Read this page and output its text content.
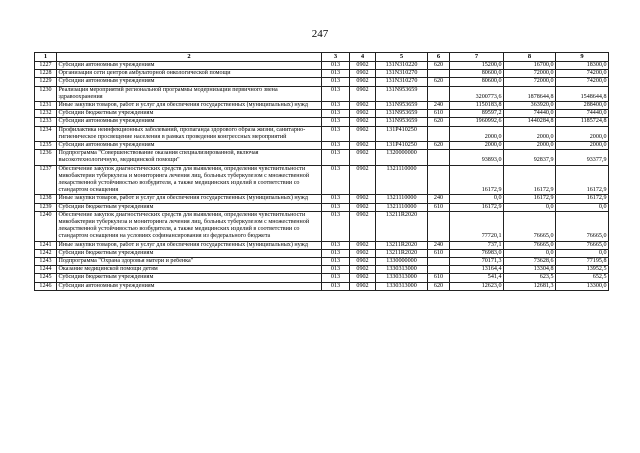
247
1	2	3	4	5	6	7	8	9
1227	Субсидии автономным учреждениям	013	0902	131N310220	620	15200,0	16700,0	18300,0
1228	Организация сети центров амбулаторной онкологической помощи	013	0902	131N310270		80600,0	72000,0	74200,0
1229	Субсидии автономным учреждениям	013	0902	131N310270	620	80600,0	72000,0	74200,0
1230	Реализация мероприятий региональной программы модернизации первичного звена здравоохранения	013	0902	131N953659		3200773,6	1878644,8	1548644,8
1231	Иные закупки товаров, работ и услуг для обеспечения государственных (муниципальных) нужд	013	0902	131N953659	240	1150183,8	363920,0	288400,0
1232	Субсидии бюджетным учреждениям	013	0902	131N953659	610	89597,2	74440,0	74440,0
1233	Субсидии автономным учреждениям	013	0902	131N953659	620	1960992,6	1440284,8	1185724,8
1234	Профилактика неинфекционных заболеваний, пропаганда здорового образа жизни, санитарно-гигиеническое просвещение населения в рамках проведения конгрессных мероприятий	013	0902	131P410250		2000,0	2000,0	2000,0
1235	Субсидии автономным учреждениям	013	0902	131P410250	620	2000,0	2000,0	2000,0
1236	Подпрограмма "Совершенствование оказания специализированной, включая высокотехнологичную, медицинской помощи"	013	0902	1320000000		93893,0	92837,9	93377,9
1237	Обеспечение закупок диагностических средств для выявления, определения чувствительности микобактерии туберкулеза и мониторинга лечения лиц, больных туберкулезом с множественной лекарственной устойчивостью возбудителя, а также медицинских изделий в соответствии со стандартом оснащения	013	0902	1321110000		16172,9	16172,9	16172,9
1238	Иные закупки товаров, работ и услуг для обеспечения государственных (муниципальных) нужд	013	0902	1321110000	240	0,0	16172,9	16172,9
1239	Субсидии бюджетным учреждениям	013	0902	1321110000	610	16172,9	0,0	0,0
1240	Обеспечение закупок диагностических средств для выявления, определения чувствительности микобактерии туберкулеза и мониторинга лечения лиц, больных туберкулезом с множественной лекарственной устойчивостью возбудителя, а также медицинских изделий в соответствии со стандартом оснащения на условиях софинансирования из федерального бюджета	013	0902	13211R2020		77720,1	76665,0	76665,0
1241	Иные закупки товаров, работ и услуг для обеспечения государственных (муниципальных) нужд	013	0902	13211R2020	240	737,1	76665,0	76665,0
1242	Субсидии бюджетным учреждениям	013	0902	13211R2020	610	76983,0	0,0	0,0
1243	Подпрограмма "Охрана здоровья матери и ребенка"	013	0902	1330000000		70171,3	73628,6	77195,8
1244	Оказание медицинской помощи детям	013	0902	1330313000		13164,4	13304,8	13952,5
1245	Субсидии бюджетным учреждениям	013	0902	1330313000	610	541,4	623,5	652,5
1246	Субсидии автономным учреждениям	013	0902	1330313000	620	12623,0	12681,3	13300,0
